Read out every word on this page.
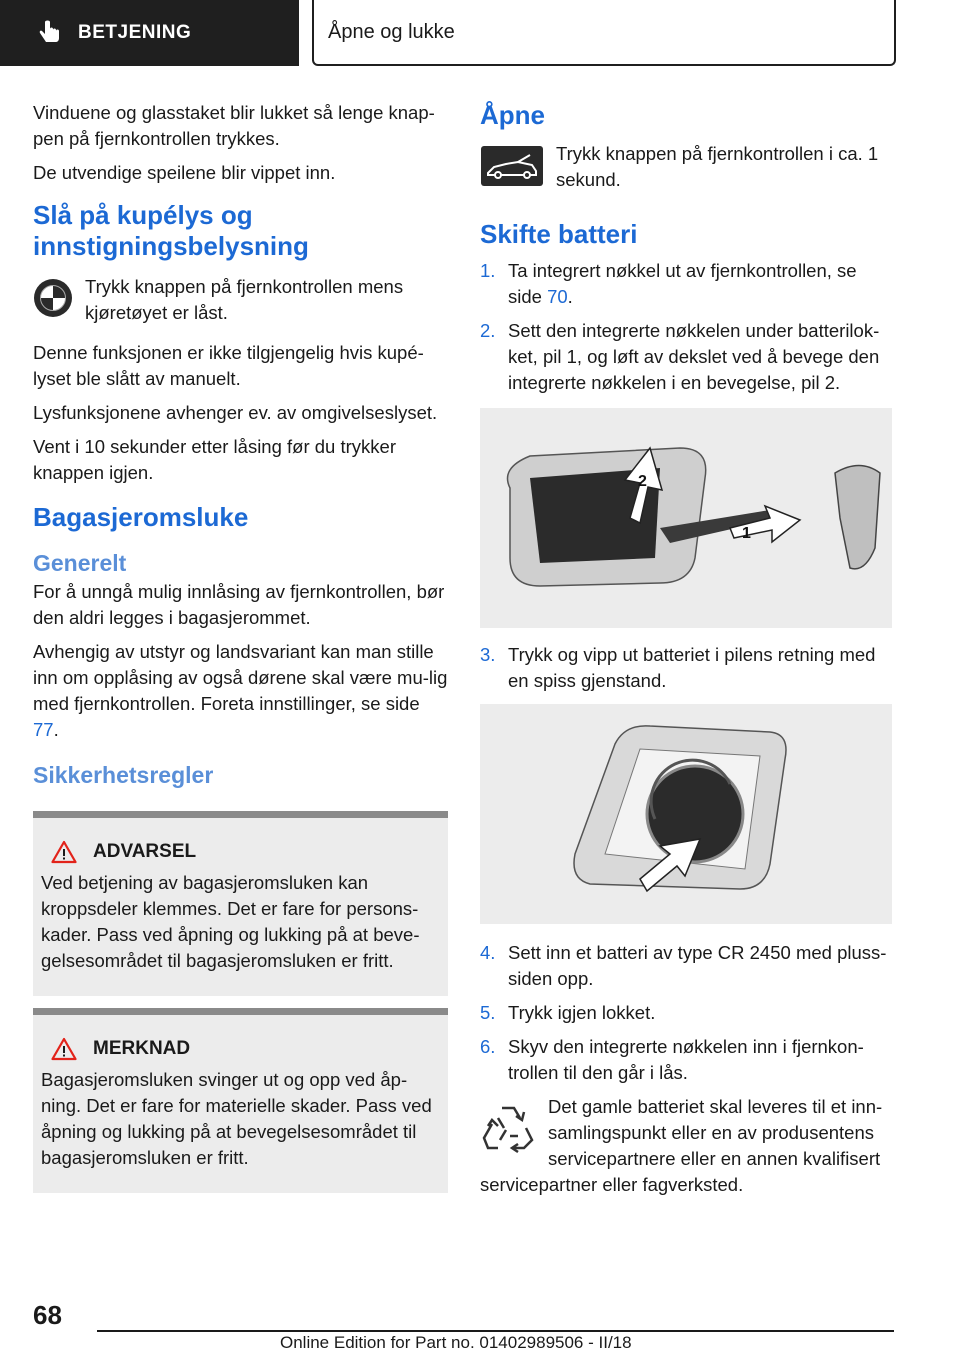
BETJENING	Åpne og lukke

Vinduene og glasstaket blir lukket så lenge knap-pen på fjernkontrollen trykkes.

De utvendige speilene blir vippet inn.

Slå på kupélys og
innstigningsbelysning

Trykk knappen på fjernkontrollen mens kjøretøyet er låst.

Denne funksjonen er ikke tilgjengelig hvis kupé-lyset ble slått av manuelt.

Lysfunksjonene avhenger ev. av omgivelseslyset.

Vent i 10 sekunder etter låsing før du trykker knappen igjen.

Bagasjeromsluke
Generelt

For å unngå mulig innlåsing av fjernkontrollen, bør den aldri legges i bagasjerommet.

Avhengig av utstyr og landsvariant kan man stille inn om opplåsing av også dørene skal være mu-lig med fjernkontrollen. Foreta innstillinger, se side 77.

Sikkerhetsregler
ADVARSEL

Ved betjening av bagasjeromsluken kan kroppsdeler klemmes. Det er fare for persons-kader. Pass ved åpning og lukking på at beve-gelsesområdet til bagasjeromsluken er fritt.

MERKNAD

Bagasjeromsluken svinger ut og opp ved åp-ning. Det er fare for materielle skader. Pass ved åpning og lukking på at bevegelsesområdet til bagasjeromsluken er fritt.

Åpne

Trykk knappen på fjernkontrollen i ca. 1 sekund.

Skifte batteri
1. Ta integrert nøkkel ut av fjernkontrollen, se side 70.
2. Sett den integrerte nøkkelen under batterilok-ket, pil 1, og løft av dekslet ved å bevege den integrerte nøkkelen i en bevegelse, pil 2.
2
1
3. Trykk og vipp ut batteriet i pilens retning med en spiss gjenstand.
4. Sett inn et batteri av type CR 2450 med pluss-siden opp.
5. Trykk igjen lokket.
6. Skyv den integrerte nøkkelen inn i fjernkon-trollen til den går i lås.

Det gamle batteriet skal leveres til et inn-samlingspunkt eller en av produsentens servicepartnere eller en annen kvalifisert servicepartner eller fagverksted.

68
Online Edition for Part no. 01402989506 - II/18
